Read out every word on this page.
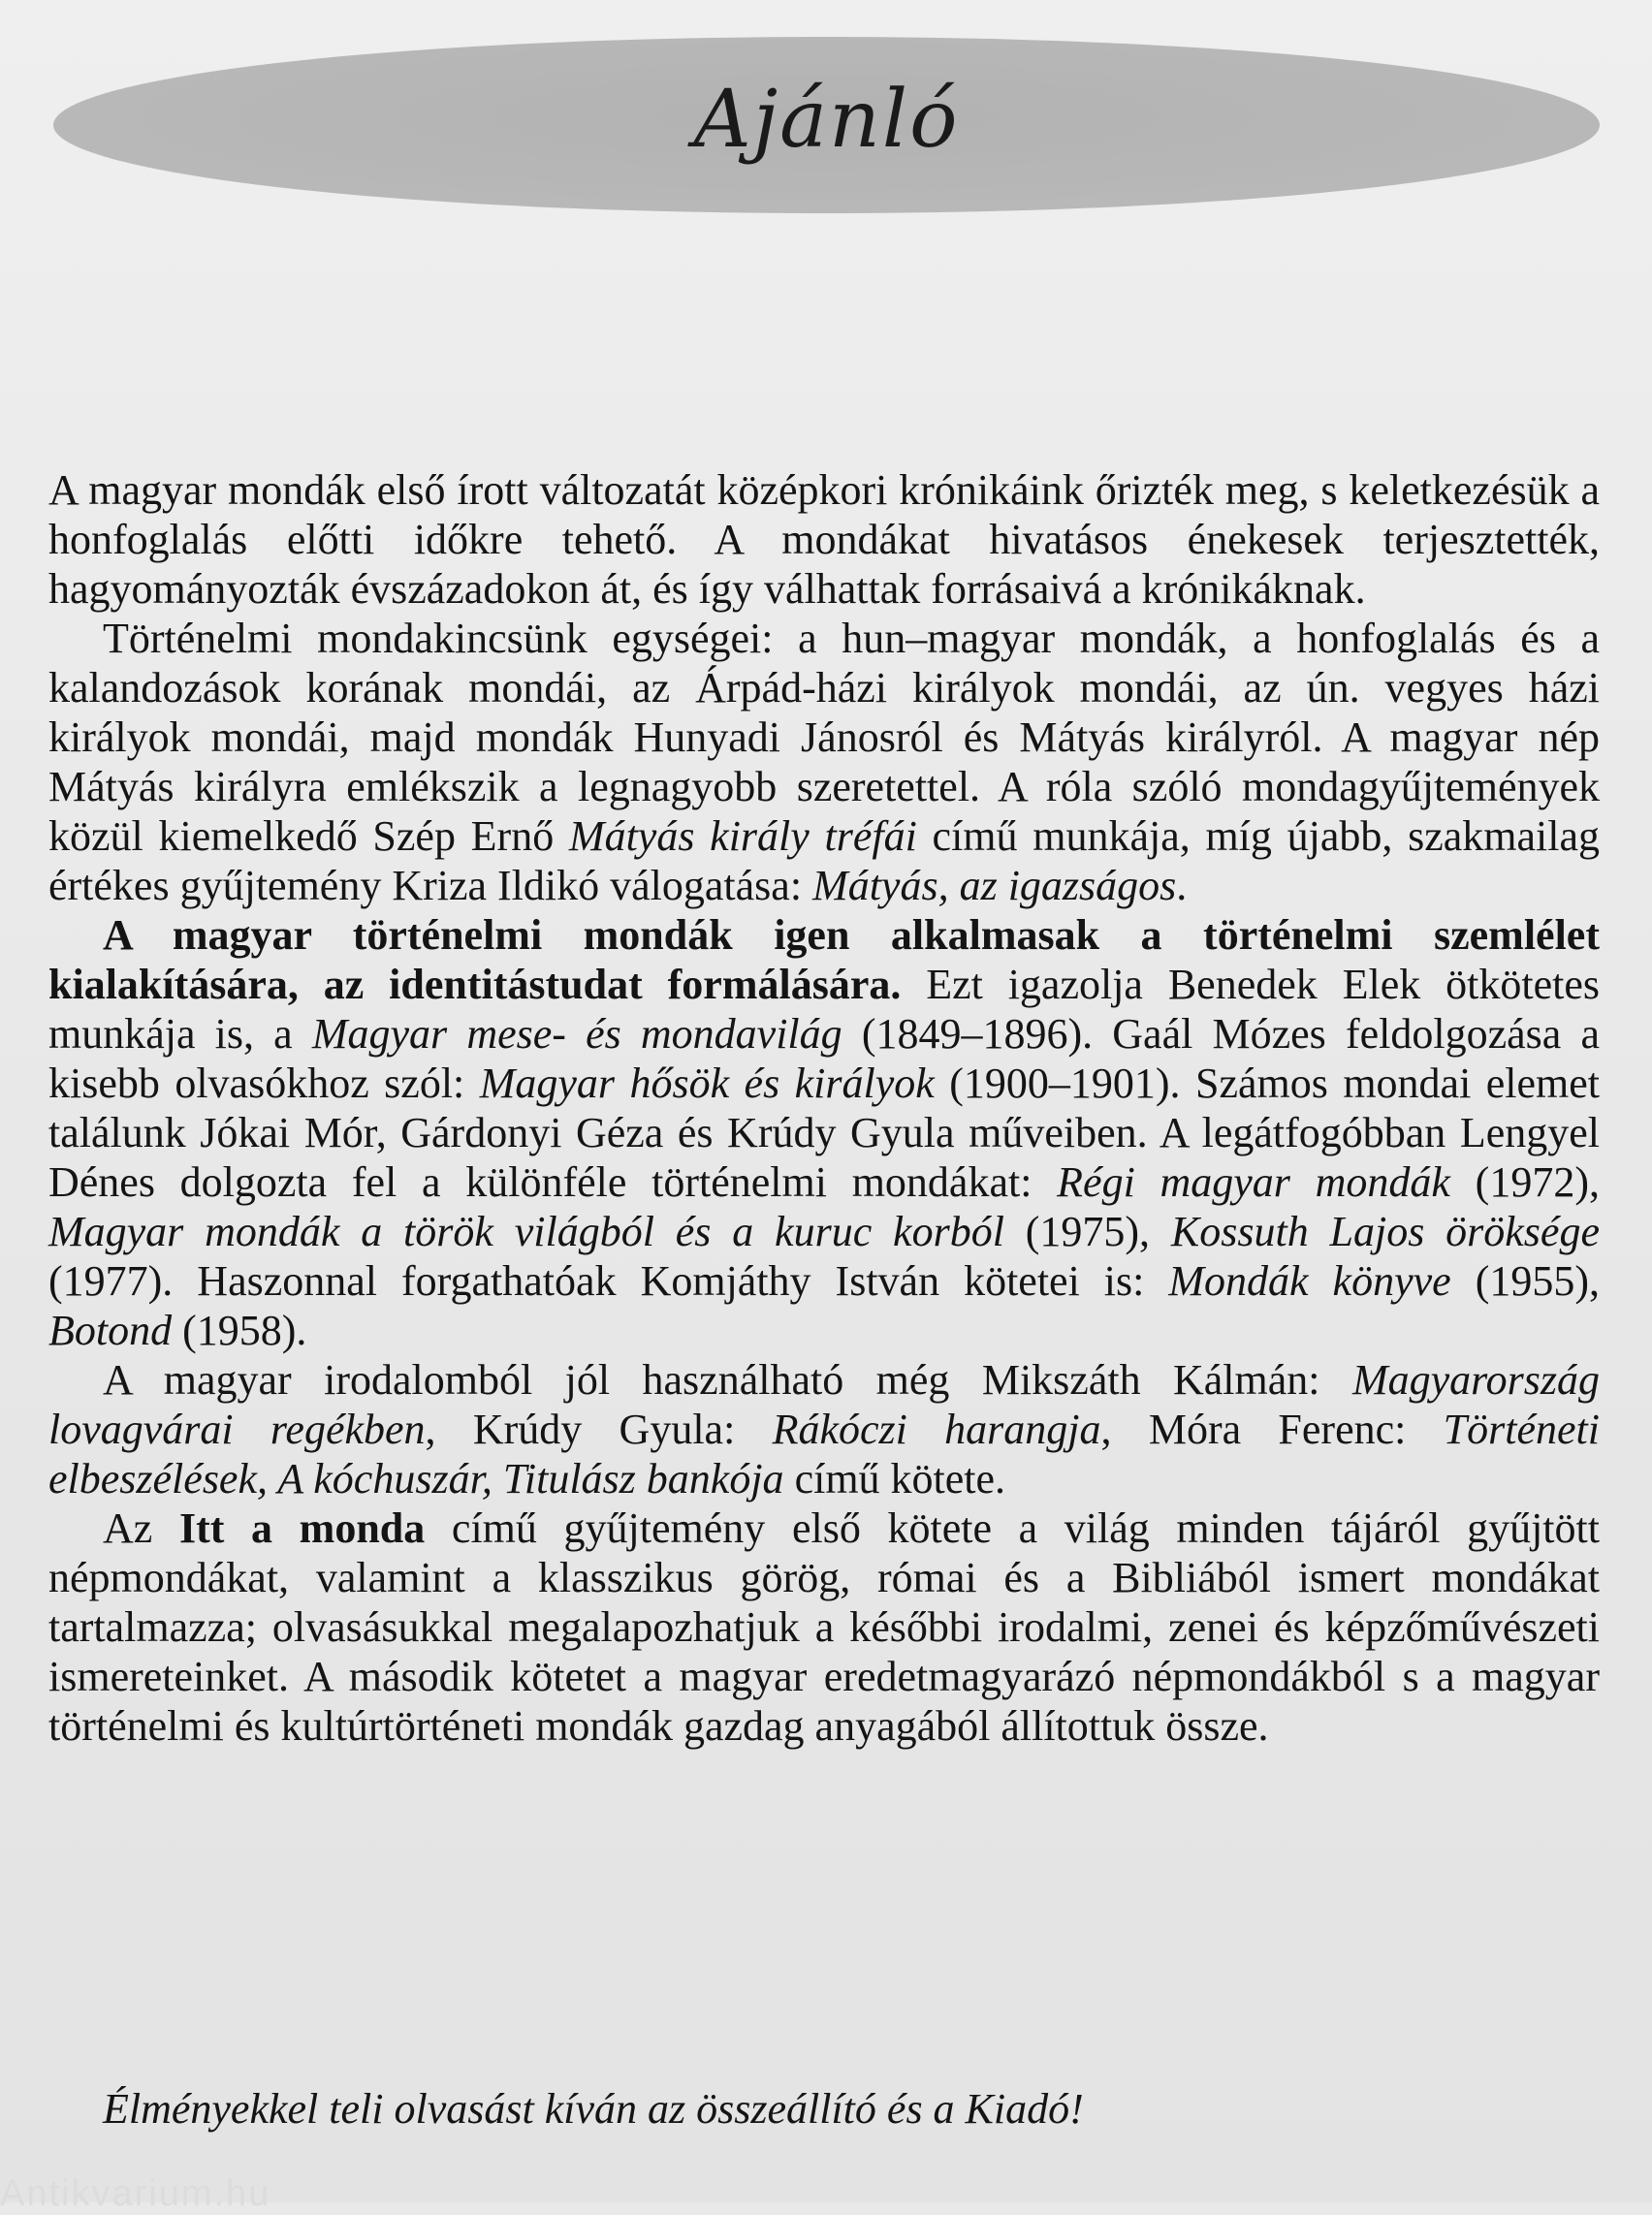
Ajánló

A magyar mondák első írott változatát középkori krónikáink őrizték meg, s keletkezésük a honfoglalás előtti időkre tehető. A mondákat hivatásos énekesek terjesztették, hagyományozták évszázadokon át, és így válhattak forrásaivá a krónikáknak.

Történelmi mondakincsünk egységei: a hun–magyar mondák, a honfoglalás és a kalandozások korának mondái, az Árpád-házi királyok mondái, az ún. vegyes házi királyok mondái, majd mondák Hunyadi Jánosról és Mátyás királyról. A magyar nép Mátyás királyra emlékszik a legnagyobb szeretettel. A róla szóló mondagyűjtemények közül kiemelkedő Szép Ernő Mátyás király tréfái című munkája, míg újabb, szakmailag értékes gyűjtemény Kriza Ildikó válogatása: Mátyás, az igazságos.

A magyar történelmi mondák igen alkalmasak a történelmi szemlélet kialakítására, az identitástudat formálására. Ezt igazolja Benedek Elek ötkötetes munkája is, a Magyar mese- és mondavilág (1849–1896). Gaál Mózes feldolgozása a kisebb olvasókhoz szól: Magyar hősök és királyok (1900–1901). Számos mondai elemet találunk Jókai Mór, Gárdonyi Géza és Krúdy Gyula műveiben. A legátfogóbban Lengyel Dénes dolgozta fel a különféle történelmi mondákat: Régi magyar mondák (1972), Magyar mondák a török világból és a kuruc korból (1975), Kossuth Lajos öröksége (1977). Haszonnal forgathatóak Komjáthy István kötetei is: Mondák könyve (1955), Botond (1958).

A magyar irodalomból jól használható még Mikszáth Kálmán: Magyarország lovagvárai regékben, Krúdy Gyula: Rákóczi harangja, Móra Ferenc: Történeti elbeszélések, A kóchuszár, Titulász bankója című kötete.

Az Itt a monda című gyűjtemény első kötete a világ minden tájáról gyűjtött népmondákat, valamint a klasszikus görög, római és a Bibliából ismert mondákat tartalmazza; olvasásukkal megalapozhatjuk a későbbi irodalmi, zenei és képzőművészeti ismereteinket. A második kötetet a magyar eredetmagyarázó népmondákból s a magyar történelmi és kultúrtörténeti mondák gazdag anyagából állítottuk össze.

Élményekkel teli olvasást kíván az összeállító és a Kiadó!
Antikvarium.hu
